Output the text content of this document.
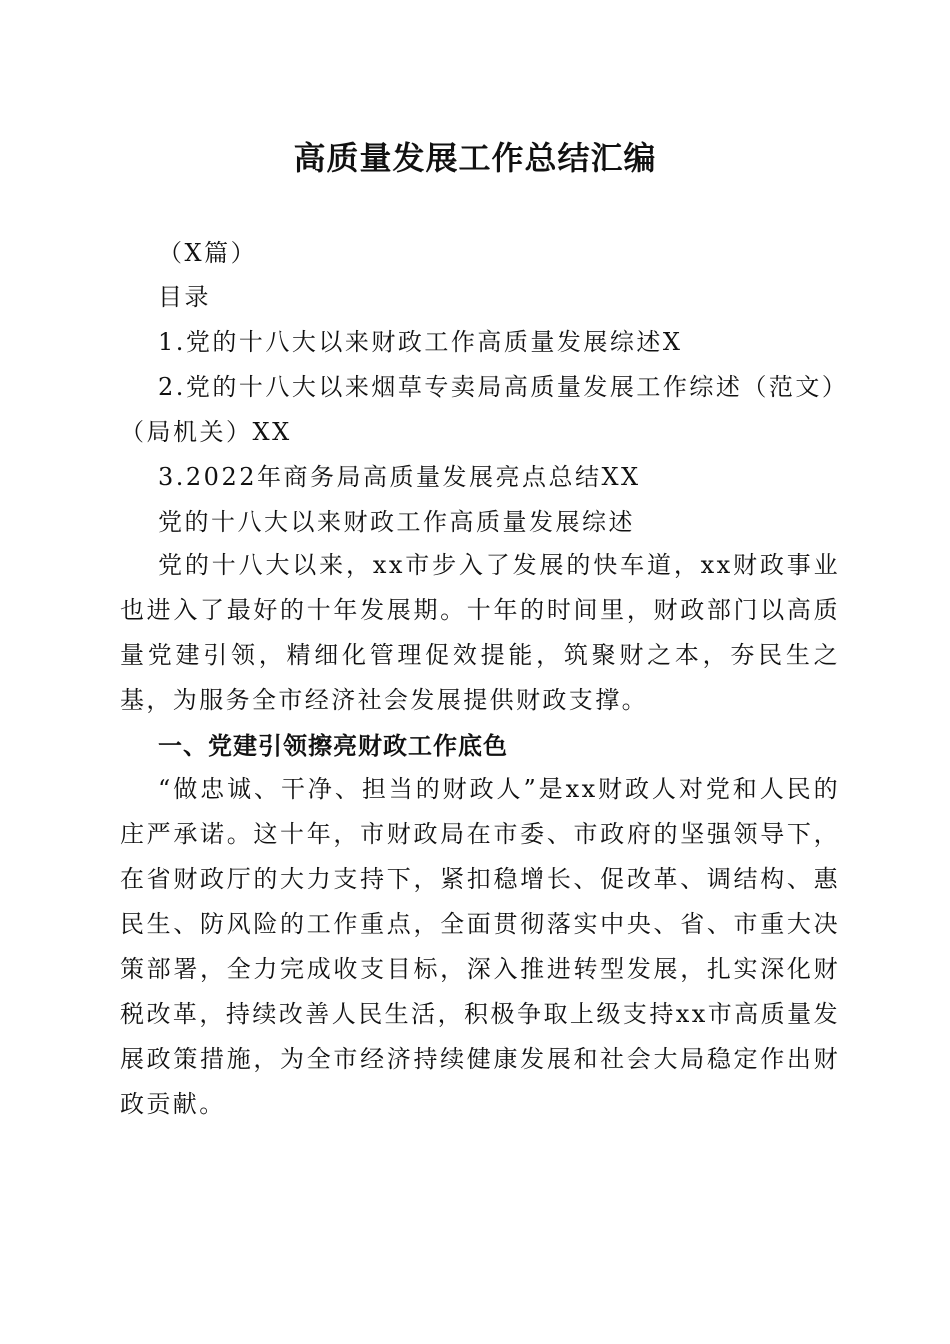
高质量发展工作总结汇编
（X篇）
目录
1.党的十八大以来财政工作高质量发展综述X
2.党的十八大以来烟草专卖局高质量发展工作综述（范文）
（局机关）XX
3.2022年商务局高质量发展亮点总结XX
党的十八大以来财政工作高质量发展综述
党的十八大以来，xx市步入了发展的快车道，xx财政事业也进入了最好的十年发展期。十年的时间里，财政部门以高质量党建引领，精细化管理促效提能，筑聚财之本，夯民生之基，为服务全市经济社会发展提供财政支撑。
一、党建引领擦亮财政工作底色
“做忠诚、干净、担当的财政人”是xx财政人对党和人民的庄严承诺。这十年，市财政局在市委、市政府的坚强领导下，在省财政厅的大力支持下，紧扣稳增长、促改革、调结构、惠民生、防风险的工作重点，全面贯彻落实中央、省、市重大决策部署，全力完成收支目标，深入推进转型发展，扎实深化财税改革，持续改善人民生活，积极争取上级支持xx市高质量发展政策措施，为全市经济持续健康发展和社会大局稳定作出财政贡献。
